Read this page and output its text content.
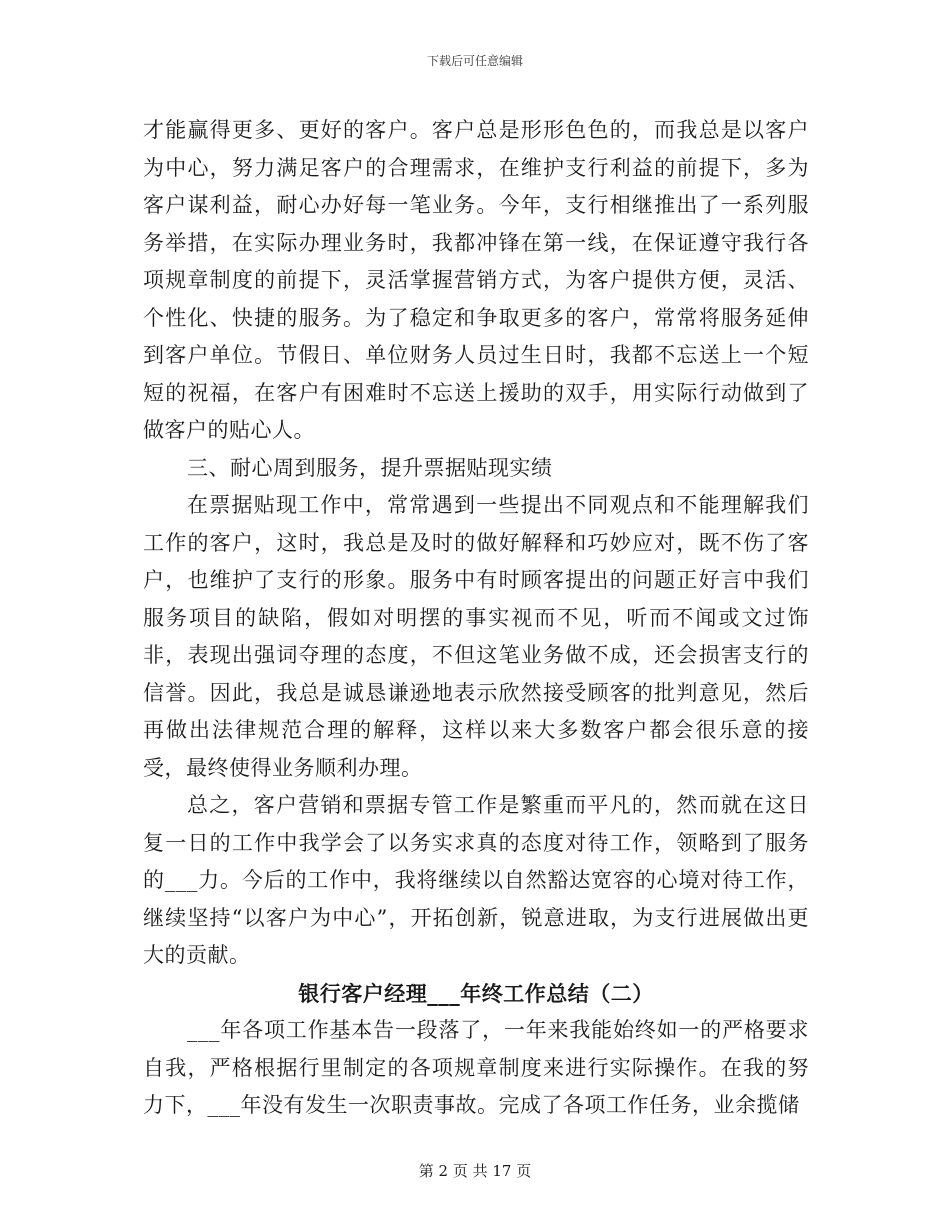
下载后可任意编辑

才能赢得更多、更好的客户。客户总是形形色色的，而我总是以客户为中心，努力满足客户的合理需求，在维护支行利益的前提下，多为客户谋利益，耐心办好每一笔业务。今年，支行相继推出了一系列服务举措，在实际办理业务时，我都冲锋在第一线，在保证遵守我行各项规章制度的前提下，灵活掌握营销方式，为客户提供方便，灵活、个性化、快捷的服务。为了稳定和争取更多的客户，常常将服务延伸到客户单位。节假日、单位财务人员过生日时，我都不忘送上一个短短的祝福，在客户有困难时不忘送上援助的双手，用实际行动做到了做客户的贴心人。

三、耐心周到服务，提升票据贴现实绩

在票据贴现工作中，常常遇到一些提出不同观点和不能理解我们工作的客户，这时，我总是及时的做好解释和巧妙应对，既不伤了客户，也维护了支行的形象。服务中有时顾客提出的问题正好言中我们服务项目的缺陷，假如对明摆的事实视而不见，听而不闻或文过饰非，表现出强词夺理的态度，不但这笔业务做不成，还会损害支行的信誉。因此，我总是诚恳谦逊地表示欣然接受顾客的批判意见，然后再做出法律规范合理的解释，这样以来大多数客户都会很乐意的接受，最终使得业务顺利办理。

总之，客户营销和票据专管工作是繁重而平凡的，然而就在这日复一日的工作中我学会了以务实求真的态度对待工作，领略到了服务的___力。今后的工作中，我将继续以自然豁达宽容的心境对待工作，继续坚持“以客户为中心”，开拓创新，锐意进取，为支行进展做出更大的贡献。

银行客户经理___年终工作总结（二）

___年各项工作基本告一段落了，一年来我能始终如一的严格要求自我，严格根据行里制定的各项规章制度来进行实际操作。在我的努力下，___年没有发生一次职责事故。完成了各项工作任务，业余揽储

第 2 页 共 17 页
